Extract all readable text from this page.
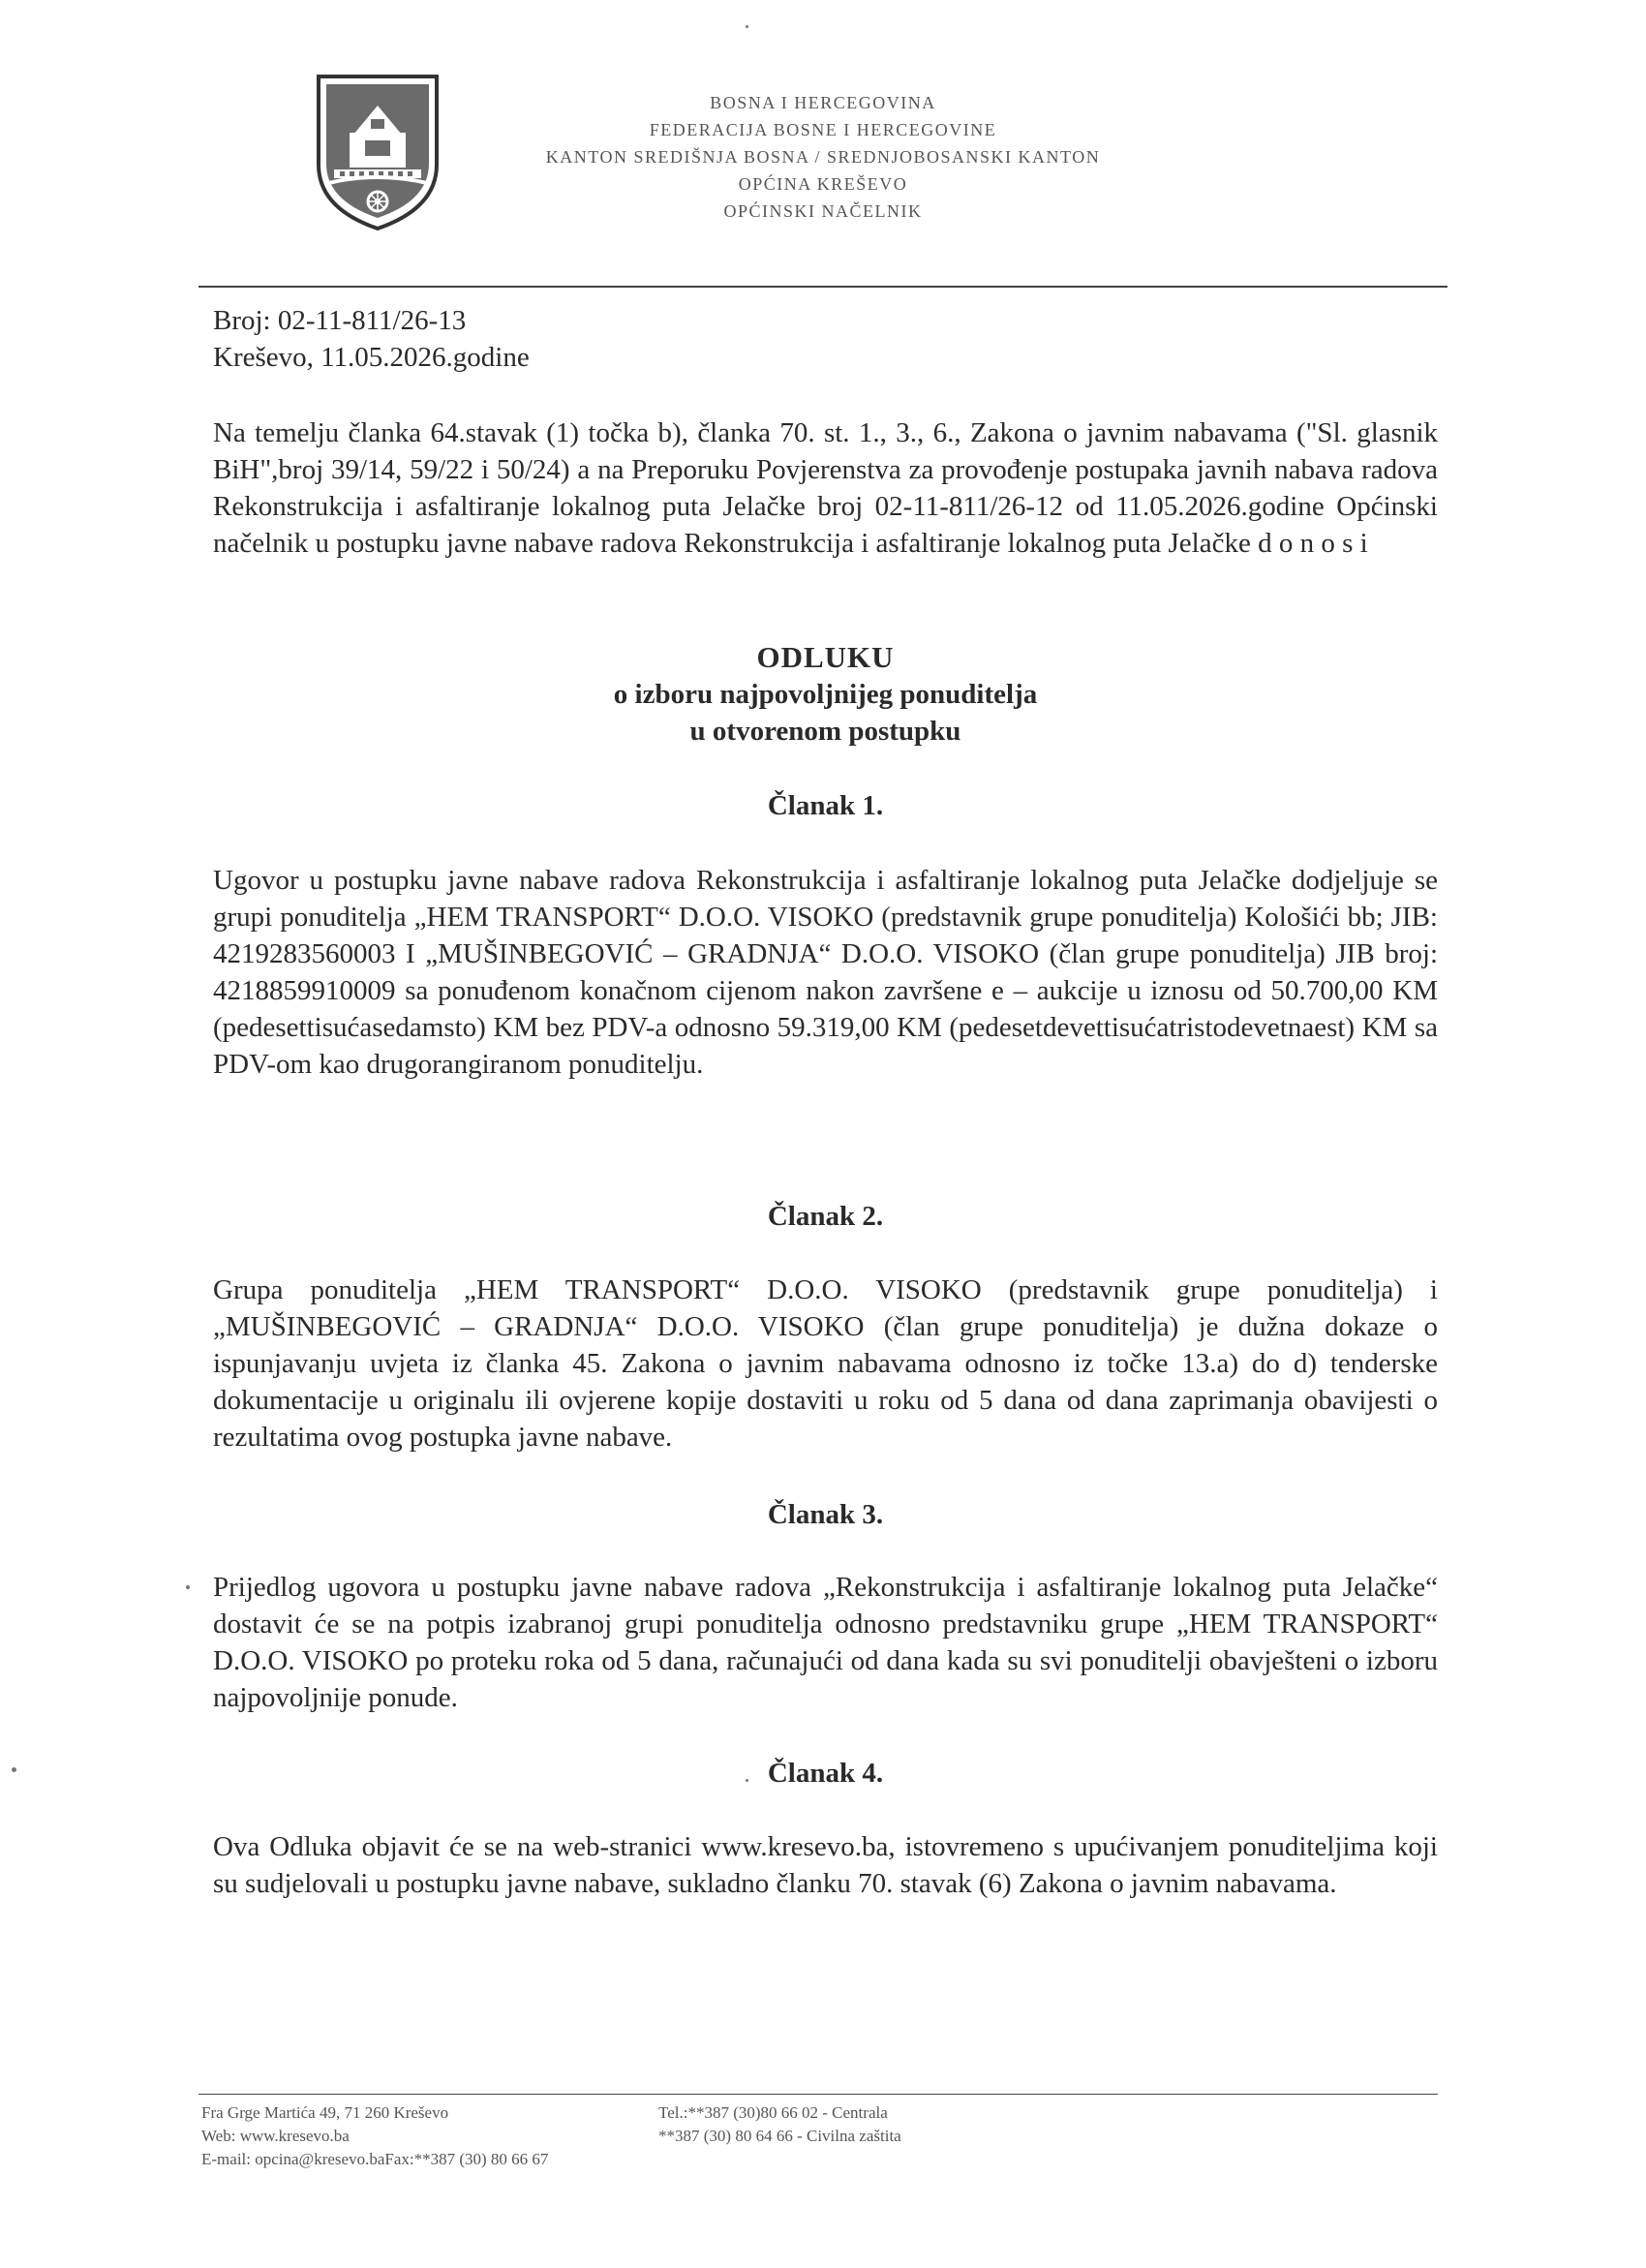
BOSNA I HERCEGOVINA
FEDERACIJA BOSNE I HERCEGOVINE
KANTON SREDIŠNJA BOSNA / SREDNJOBOSANSKI KANTON
OPĆINA KREŠEVO
OPĆINSKI NAČELNIK
Broj: 02-11-811/26-13
Kreševo, 11.05.2026.godine
Na temelju članka 64.stavak (1) točka b), članka 70. st. 1., 3., 6., Zakona o javnim nabavama ("Sl. glasnik BiH",broj 39/14, 59/22 i 50/24) a na Preporuku Povjerenstva za provođenje postupaka javnih nabava radova Rekonstrukcija i asfaltiranje lokalnog puta Jelačke broj 02-11-811/26-12 od 11.05.2026.godine Općinski načelnik u postupku javne nabave radova Rekonstrukcija i asfaltiranje lokalnog puta Jelačke d o n o s i
ODLUKU
o izboru najpovoljnijeg ponuditelja
u otvorenom postupku
Članak 1.
Ugovor u postupku javne nabave radova Rekonstrukcija i asfaltiranje lokalnog puta Jelačke dodjeljuje se grupi ponuditelja „HEM TRANSPORT“ D.O.O. VISOKO (predstavnik grupe ponuditelja) Kološići bb; JIB: 4219283560003 I „MUŠINBEGOVIĆ – GRADNJA“ D.O.O. VISOKO (član grupe ponuditelja) JIB broj: 4218859910009 sa ponuđenom konačnom cijenom nakon završene e – aukcije u iznosu od 50.700,00 KM (pedesettisućasedamsto) KM bez PDV-a odnosno 59.319,00 KM (pedesetdevettisućatristodevetnaest) KM sa PDV-om kao drugorangiranom ponuditelju.
Članak 2.
Grupa ponuditelja „HEM TRANSPORT“ D.O.O. VISOKO (predstavnik grupe ponuditelja) i „MUŠINBEGOVIĆ – GRADNJA“ D.O.O. VISOKO (član grupe ponuditelja) je dužna dokaze o ispunjavanju uvjeta iz članka 45. Zakona o javnim nabavama odnosno iz točke 13.a) do d) tenderske dokumentacije u originalu ili ovjerene kopije dostaviti u roku od 5 dana od dana zaprimanja obavijesti o rezultatima ovog postupka javne nabave.
Članak 3.
Prijedlog ugovora u postupku javne nabave radova „Rekonstrukcija i asfaltiranje lokalnog puta Jelačke“ dostavit će se na potpis izabranoj grupi ponuditelja odnosno predstavniku grupe „HEM TRANSPORT“ D.O.O. VISOKO po proteku roka od 5 dana, računajući od dana kada su svi ponuditelji obavješteni o izboru najpovoljnije ponude.
Članak 4.
Ova Odluka objavit će se na web-stranici www.kresevo.ba, istovremeno s upućivanjem ponuditeljima koji su sudjelovali u postupku javne nabave, sukladno članku 70. stavak (6) Zakona o javnim nabavama.
Fra Grge Martića 49, 71 260 Kreševo
Web: www.kresevo.ba
E-mail: opcina@kresevo.baFax:**387 (30) 80 66 67
Tel.:**387 (30)80 66 02 - Centrala
**387 (30) 80 64 66 - Civilna zaštita
